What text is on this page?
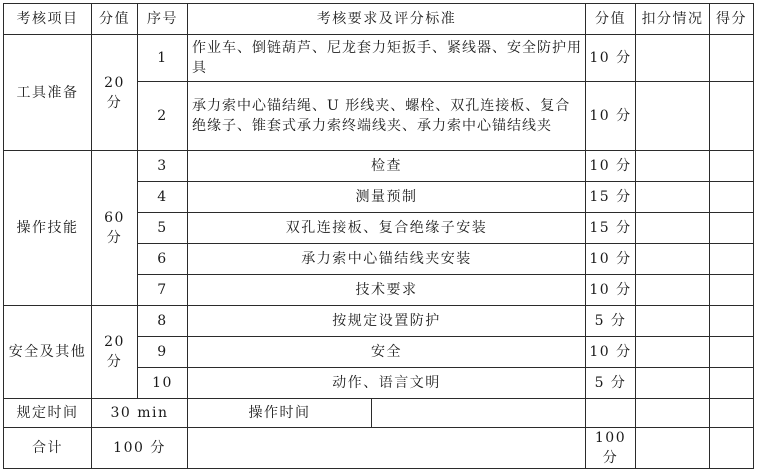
考核项目	分值	序号	考核要求及评分标准		分值	扣分情况	得分
工具准备	20 分	1	作业车、倒链葫芦、尼龙套力矩扳手、紧线器、安全防护用具		10 分		
		2	承力索中心锚结绳、U 形线夹、螺栓、双孔连接板、复合绝缘子、锥套式承力索终端线夹、承力索中心锚结线夹		10 分		
操作技能	60 分	3	检查		10 分		
		4	测量预制		15 分		
		5	双孔连接板、复合绝缘子安装		15 分		
		6	承力索中心锚结线夹安装		10 分		
		7	技术要求		10 分		
安全及其他	20 分	8	按规定设置防护		5 分		
		9	安全		10 分		
		10	动作、语言文明		5 分		
规定时间	30 min		操作时间				
合计	100 分				100 分		
